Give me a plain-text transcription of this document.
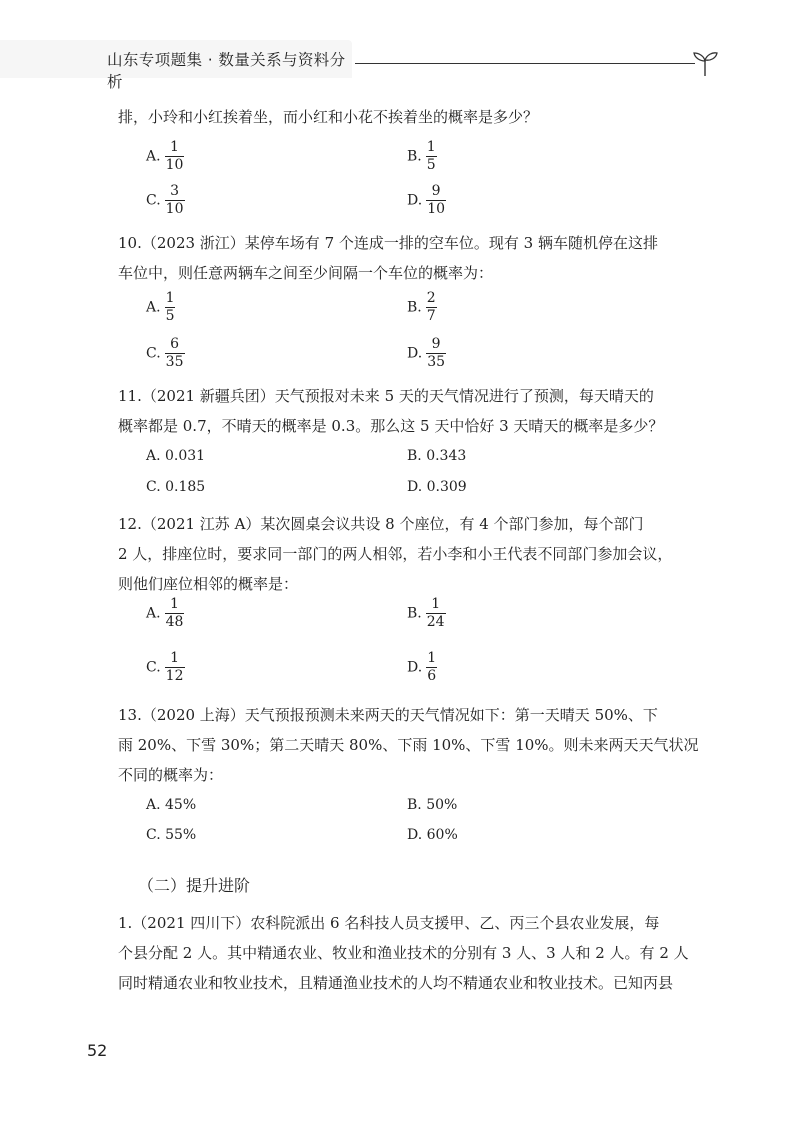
山东专项题集 · 数量关系与资料分析
排，小玲和小红挨着坐，而小红和小花不挨着坐的概率是多少？
A. $\frac{1}{10}$	B. $\frac{1}{5}$
C. $\frac{3}{10}$	D. $\frac{9}{10}$
10.（2023 浙江）某停车场有 7 个连成一排的空车位。现有 3 辆车随机停在这排
车位中，则任意两辆车之间至少间隔一个车位的概率为：
A. $\frac{1}{5}$	B. $\frac{2}{7}$
C. $\frac{6}{35}$	D. $\frac{9}{35}$
11.（2021 新疆兵团）天气预报对未来 5 天的天气情况进行了预测，每天晴天的
概率都是 0.7，不晴天的概率是 0.3。那么这 5 天中恰好 3 天晴天的概率是多少？
A. 0.031	B. 0.343
C. 0.185	D. 0.309
12.（2021 江苏 A）某次圆桌会议共设 8 个座位，有 4 个部门参加，每个部门
2 人，排座位时，要求同一部门的两人相邻，若小李和小王代表不同部门参加会议，
则他们座位相邻的概率是：
A. $\frac{1}{48}$	B. $\frac{1}{24}$
C. $\frac{1}{12}$	D. $\frac{1}{6}$
13.（2020 上海）天气预报预测未来两天的天气情况如下：第一天晴天 50%、下
雨 20%、下雪 30%；第二天晴天 80%、下雨 10%、下雪 10%。则未来两天天气状况
不同的概率为：
A. 45%	B. 50%
C. 55%	D. 60%
（二）提升进阶
1.（2021 四川下）农科院派出 6 名科技人员支援甲、乙、丙三个县农业发展，每
个县分配 2 人。其中精通农业、牧业和渔业技术的分别有 3 人、3 人和 2 人。有 2 人
同时精通农业和牧业技术，且精通渔业技术的人均不精通农业和牧业技术。已知丙县
52
